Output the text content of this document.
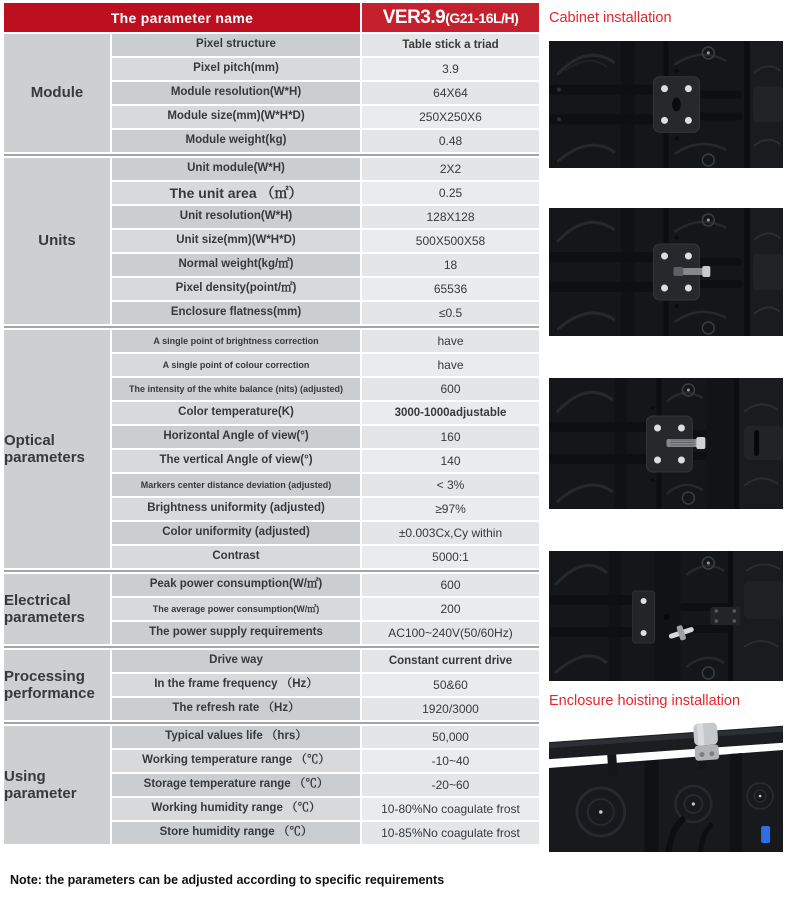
The parameter name	VER3.9 (G21-16L/H)
Module
Pixel structure	Table stick a triad
Pixel pitch(mm)	3.9
Module resolution(W*H)	64X64
Module size(mm)(W*H*D)	250X250X6
Module weight(kg)	0.48
Units
Unit module(W*H)	2X2
The unit area （㎡）	0.25
Unit resolution(W*H)	128X128
Unit size(mm)(W*H*D)	500X500X58
Normal weight(kg/㎡)	18
Pixel density(point/㎡)	65536
Enclosure flatness(mm)	≤0.5
Optical parameters
A single point of brightness correction	have
A single point of colour correction	have
The intensity of the white balance (nits) (adjusted)	600
Color temperature(K)	3000-1000adjustable
Horizontal Angle of view(°)	160
The vertical Angle of view(°)	140
Markers center distance deviation (adjusted)	< 3%
Brightness uniformity (adjusted)	≥97%
Color uniformity (adjusted)	±0.003Cx,Cy within
Contrast	5000:1
Electrical parameters
Peak power consumption(W/㎡)	600
The average power consumption(W/㎡)	200
The power supply requirements	AC100~240V(50/60Hz)
Processing performance
Drive way	Constant current drive
In the frame frequency （Hz）	50&60
The refresh rate （Hz）	1920/3000
Using parameter
Typical values life （hrs）	50,000
Working temperature range （℃）	-10~40
Storage temperature range （℃）	-20~60
Working humidity range （℃）	10-80%No coagulate frost
Store humidity range （℃）	10-85%No coagulate frost
Note: the parameters can be adjusted according to specific requirements
Cabinet installation
Enclosure hoisting installation
